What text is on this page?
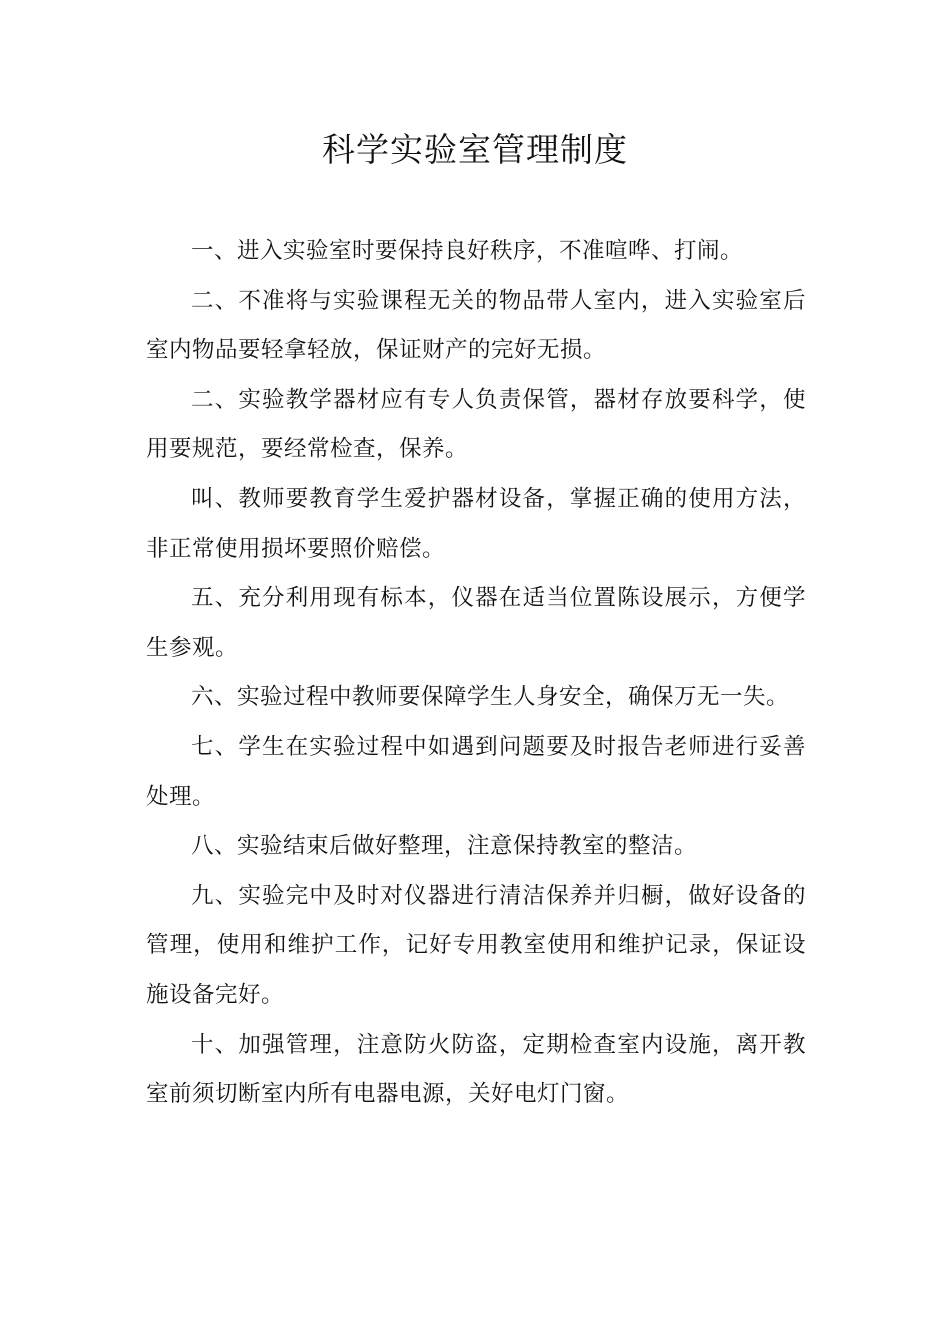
科学实验室管理制度

一、进入实验室时要保持良好秩序，不准喧哗、打闹。

二、不准将与实验课程无关的物品带人室内，进入实验室后室内物品要轻拿轻放，保证财产的完好无损。

二、实验教学器材应有专人负责保管，器材存放要科学，使用要规范，要经常检查，保养。

叫、教师要教育学生爱护器材设备，掌握正确的使用方法，非正常使用损坏要照价赔偿。

五、充分利用现有标本，仪器在适当位置陈设展示，方便学生参观。

六、实验过程中教师要保障学生人身安全，确保万无一失。

七、学生在实验过程中如遇到问题要及时报告老师进行妥善处理。

八、实验结束后做好整理，注意保持教室的整洁。

九、实验完中及时对仪器进行清洁保养并归橱，做好设备的管理，使用和维护工作，记好专用教室使用和维护记录，保证设施设备完好。

十、加强管理，注意防火防盗，定期检查室内设施，离开教室前须切断室内所有电器电源，关好电灯门窗。
